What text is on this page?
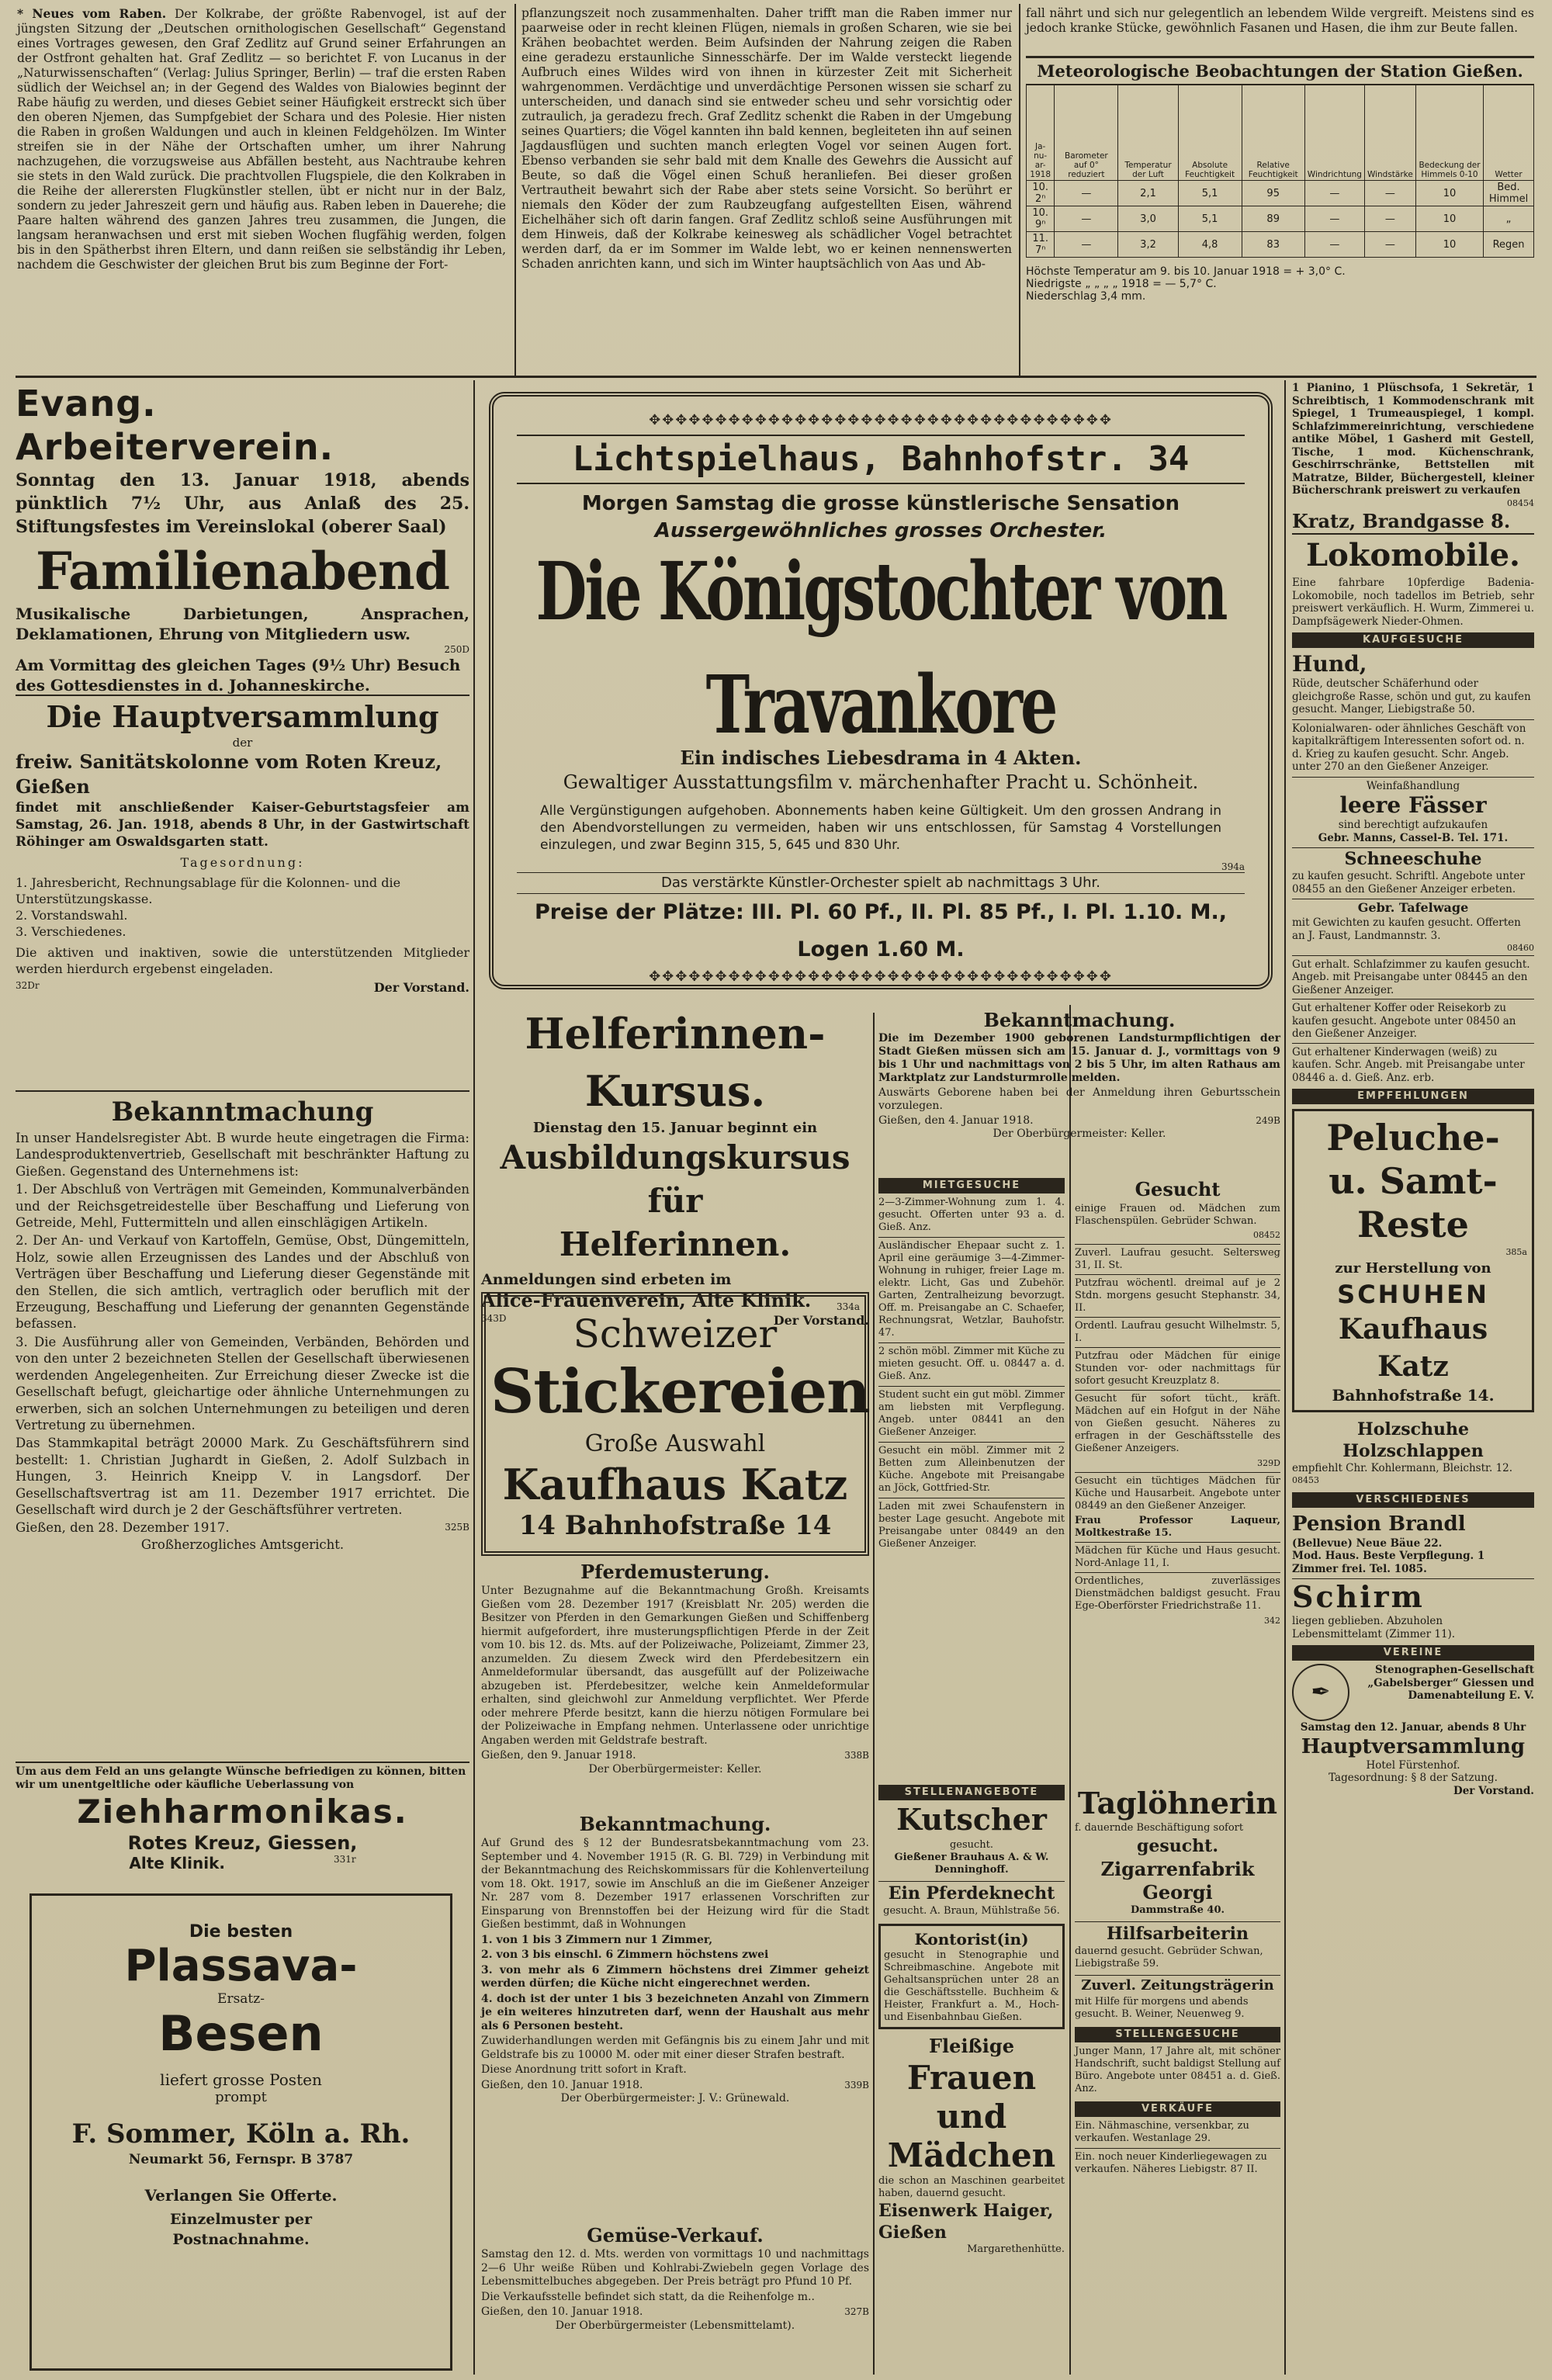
* Neues vom Raben. Der Kolkrabe, der größte Rabenvogel, ist auf der jüngsten Sitzung der „Deutschen ornithologischen Gesellschaft“ Gegenstand eines Vortrages gewesen, den Graf Zedlitz auf Grund seiner Erfahrungen an der Ostfront gehalten hat. Graf Zedlitz — so berichtet F. von Lucanus in der „Naturwissenschaften“ (Verlag: Julius Springer, Berlin) — traf die ersten Raben südlich der Weichsel an; in der Gegend des Waldes von Bialowies beginnt der Rabe häufig zu werden, und dieses Gebiet seiner Häufigkeit erstreckt sich über den oberen Njemen, das Sumpfgebiet der Schara und des Polesie. Hier nisten die Raben in großen Waldungen und auch in kleinen Feldgehölzen. Im Winter streifen sie in der Nähe der Ortschaften umher, um ihrer Nahrung nachzugehen, die vorzugsweise aus Abfällen besteht, aus Nachtraube kehren sie stets in den Wald zurück. Die prachtvollen Flugspiele, die den Kolkraben in die Reihe der allerersten Flugkünstler stellen, übt er nicht nur in der Balz, sondern zu jeder Jahreszeit gern und häufig aus. Raben leben in Dauerehe; die Paare halten während des ganzen Jahres treu zusammen, die Jungen, die langsam heranwachsen und erst mit sieben Wochen flugfähig werden, folgen bis in den Spätherbst ihren Eltern, und dann reißen sie selbständig ihr Leben, nachdem die Geschwister der gleichen Brut bis zum Beginne der Fort-

pflanzungszeit noch zusammenhalten. Daher trifft man die Raben immer nur paarweise oder in recht kleinen Flügen, niemals in großen Scharen, wie sie bei Krähen beobachtet werden. Beim Aufsinden der Nahrung zeigen die Raben eine geradezu erstaunliche Sinnesschärfe. Der im Walde versteckt liegende Aufbruch eines Wildes wird von ihnen in kürzester Zeit mit Sicherheit wahrgenommen. Verdächtige und unverdächtige Personen wissen sie scharf zu unterscheiden, und danach sind sie entweder scheu und sehr vorsichtig oder zutraulich, ja geradezu frech. Graf Zedlitz schenkt die Raben in der Umgebung seines Quartiers; die Vögel kannten ihn bald kennen, begleiteten ihn auf seinen Jagdausflügen und suchten manch erlegten Vogel vor seinen Augen fort. Ebenso verbanden sie sehr bald mit dem Knalle des Gewehrs die Aussicht auf Beute, so daß die Vögel einen Schuß heranliefen. Bei dieser großen Vertrautheit bewahrt sich der Rabe aber stets seine Vorsicht. So berührt er niemals den Köder der zum Raubzeugfang aufgestellten Eisen, während Eichelhäher sich oft darin fangen. Graf Zedlitz schloß seine Ausführungen mit dem Hinweis, daß der Kolkrabe keinesweg als schädlicher Vogel betrachtet werden darf, da er im Sommer im Walde lebt, wo er keinen nennenswerten Schaden anrichten kann, und sich im Winter hauptsächlich von Aas und Ab-

fall nährt und sich nur gelegentlich an lebendem Wilde vergreift. Meistens sind es jedoch kranke Stücke, gewöhnlich Fasanen und Hasen, die ihm zur Beute fallen.

Meteorologische Beobachtungen der Station Gießen.
Ja-
nu-
ar-
1918	Barometer auf 0° reduziert	Temperatur der Luft	Absolute Feuchtigkeit	Relative Feuchtigkeit	Windrichtung	Windstärke	Bedeckung der Himmels 0-10	Wetter
10. 2ⁿ	—	2,1	5,1	95	—	—	10	Bed. Himmel
10. 9ⁿ	—	3,0	5,1	89	—	—	10	„
11. 7ⁿ	—	3,2	4,8	83	—	—	10	Regen
Höchste Temperatur am 9. bis 10. Januar 1918 = + 3,0° C.
Niedrigste „ „ „ „ 1918 = — 5,7° C.
Niederschlag 3,4 mm.
Evang. Arbeiterverein.
Sonntag den 13. Januar 1918, abends pünktlich 7½ Uhr, aus Anlaß des 25. Stiftungsfestes im Vereinslokal (oberer Saal)
Familienabend
Musikalische Darbietungen, Ansprachen, Deklamationen, Ehrung von Mitgliedern usw.
250D
Am Vormittag des gleichen Tages (9½ Uhr) Besuch des Gottesdienstes in d. Johanneskirche.
Die Hauptversammlung
der
freiw. Sanitätskolonne vom Roten Kreuz, Gießen
findet mit anschließender Kaiser-Geburtstagsfeier am Samstag, 26. Jan. 1918, abends 8 Uhr, in der Gastwirtschaft Röhinger am Oswaldsgarten statt.
Tagesordnung:
1. Jahresbericht, Rechnungsablage für die Kolonnen- und die Unterstützungskasse.
2. Vorstandswahl.
3. Verschiedenes.
Die aktiven und inaktiven, sowie die unterstützenden Mitglieder werden hierdurch ergebenst eingeladen.
32Dr	Der Vorstand.
Bekanntmachung

In unser Handelsregister Abt. B wurde heute eingetragen die Firma: Landesproduktenvertrieb, Gesellschaft mit beschränkter Haftung zu Gießen. Gegenstand des Unternehmens ist:

1. Der Abschluß von Verträgen mit Gemeinden, Kommunalverbänden und der Reichsgetreidestelle über Beschaffung und Lieferung von Getreide, Mehl, Futtermitteln und allen einschlägigen Artikeln.

2. Der An- und Verkauf von Kartoffeln, Gemüse, Obst, Düngemitteln, Holz, sowie allen Erzeugnissen des Landes und der Abschluß von Verträgen über Beschaffung und Lieferung dieser Gegenstände mit den Stellen, die sich amtlich, vertraglich oder beruflich mit der Erzeugung, Beschaffung und Lieferung der genannten Gegenstände befassen.

3. Die Ausführung aller von Gemeinden, Verbänden, Behörden und von den unter 2 bezeichneten Stellen der Gesellschaft überwiesenen werdenden Angelegenheiten. Zur Erreichung dieser Zwecke ist die Gesellschaft befugt, gleichartige oder ähnliche Unternehmungen zu erwerben, sich an solchen Unternehmungen zu beteiligen und deren Vertretung zu übernehmen.

Das Stammkapital beträgt 20000 Mark. Zu Geschäftsführern sind bestellt: 1. Christian Jughardt in Gießen, 2. Adolf Sulzbach in Hungen, 3. Heinrich Kneipp V. in Langsdorf. Der Gesellschaftsvertrag ist am 11. Dezember 1917 errichtet. Die Gesellschaft wird durch je 2 der Geschäftsführer vertreten.

Gießen, den 28. Dezember 1917.	325B
Großherzogliches Amtsgericht.
Um aus dem Feld an uns gelangte Wünsche befriedigen zu können, bitten wir um unentgeltliche oder käufliche Ueberlassung von
Ziehharmonikas.
Rotes Kreuz, Giessen,
Alte Klinik.	331r
Die besten
Plassava-
Ersatz-
Besen
liefert grosse Posten
prompt
F. Sommer, Köln a. Rh.
Neumarkt 56, Fernspr. B 3787
Verlangen Sie Offerte.
Einzelmuster per Postnachnahme.
✥✥✥✥✥✥✥✥✥✥✥✥✥✥✥✥✥✥✥✥✥✥✥✥✥✥✥✥✥✥✥✥✥✥✥
Lichtspielhaus, Bahnhofstr. 34
Morgen Samstag die grosse künstlerische Sensation
Aussergewöhnliches grosses Orchester.
Die Königstochter von Travankore
Ein indisches Liebesdrama in 4 Akten.
Gewaltiger Ausstattungsfilm v. märchenhafter Pracht u. Schönheit.
Alle Vergünstigungen aufgehoben. Abonnements haben keine Gültigkeit. Um den grossen Andrang in den Abendvorstellungen zu vermeiden, haben wir uns entschlossen, für Samstag 4 Vorstellungen einzulegen, und zwar Beginn 315, 5, 645 und 830 Uhr.
394a
Das verstärkte Künstler-Orchester spielt ab nachmittags 3 Uhr.
Preise der Plätze: III. Pl. 60 Pf., II. Pl. 85 Pf., I. Pl. 1.10. M., Logen 1.60 M.
✥✥✥✥✥✥✥✥✥✥✥✥✥✥✥✥✥✥✥✥✥✥✥✥✥✥✥✥✥✥✥✥✥✥✥
Helferinnen-Kursus.
Dienstag den 15. Januar beginnt ein
Ausbildungskursus für
Helferinnen.
Anmeldungen sind erbeten im
Alice-Frauenverein, Alte Klinik.
343D	Der Vorstand.
334a
Schweizer
Stickereien
Große Auswahl
Kaufhaus Katz
14 Bahnhofstraße 14
Pferdemusterung.

Unter Bezugnahme auf die Bekanntmachung Großh. Kreisamts Gießen vom 28. Dezember 1917 (Kreisblatt Nr. 205) werden die Besitzer von Pferden in den Gemarkungen Gießen und Schiffenberg hiermit aufgefordert, ihre musterungspflichtigen Pferde in der Zeit vom 10. bis 12. ds. Mts. auf der Polizeiwache, Polizeiamt, Zimmer 23, anzumelden. Zu diesem Zweck wird den Pferdebesitzern ein Anmeldeformular übersandt, das ausgefüllt auf der Polizeiwache abzugeben ist. Pferdebesitzer, welche kein Anmeldeformular erhalten, sind gleichwohl zur Anmeldung verpflichtet. Wer Pferde oder mehrere Pferde besitzt, kann die hierzu nötigen Formulare bei der Polizeiwache in Empfang nehmen. Unterlassene oder unrichtige Angaben werden mit Geldstrafe bestraft.

Gießen, den 9. Januar 1918.	338B
Der Oberbürgermeister: Keller.
Bekanntmachung.

Auf Grund des § 12 der Bundesratsbekanntmachung vom 23. September und 4. November 1915 (R. G. Bl. 729) in Verbindung mit der Bekanntmachung des Reichskommissars für die Kohlenverteilung vom 18. Okt. 1917, sowie im Anschluß an die im Gießener Anzeiger Nr. 287 vom 8. Dezember 1917 erlassenen Vorschriften zur Einsparung von Brennstoffen bei der Heizung wird für die Stadt Gießen bestimmt, daß in Wohnungen

1. von 1 bis 3 Zimmern nur 1 Zimmer,

2. von 3 bis einschl. 6 Zimmern höchstens zwei

3. von mehr als 6 Zimmern höchstens drei Zimmer geheizt werden dürfen; die Küche nicht eingerechnet werden.

4. doch ist der unter 1 bis 3 bezeichneten Anzahl von Zimmern je ein weiteres hinzutreten darf, wenn der Haushalt aus mehr als 6 Personen besteht.

Zuwiderhandlungen werden mit Gefängnis bis zu einem Jahr und mit Geldstrafe bis zu 10000 M. oder mit einer dieser Strafen bestraft.

Diese Anordnung tritt sofort in Kraft.

Gießen, den 10. Januar 1918.	339B
Der Oberbürgermeister: J. V.: Grünewald.
Gemüse-Verkauf.

Samstag den 12. d. Mts. werden von vormittags 10 und nachmittags 2—6 Uhr weiße Rüben und Kohlrabi-Zwiebeln gegen Vorlage des Lebensmittelbuches abgegeben. Der Preis beträgt pro Pfund 10 Pf.

Die Verkaufsstelle befindet sich statt, da die Reihenfolge m..

Gießen, den 10. Januar 1918.	327B
Der Oberbürgermeister (Lebensmittelamt).
Bekanntmachung.

Die im Dezember 1900 geborenen Landsturmpflichtigen der Stadt Gießen müssen sich am 15. Januar d. J., vormittags von 9 bis 1 Uhr und nachmittags von 2 bis 5 Uhr, im alten Rathaus am Marktplatz zur Landsturmrolle melden.

Auswärts Geborene haben bei der Anmeldung ihren Geburtsschein vorzulegen.

Gießen, den 4. Januar 1918.	249B
Der Oberbürgermeister: Keller.
MIETGESUCHE

2—3-Zimmer-Wohnung zum 1. 4. gesucht. Offerten unter 93 a. d. Gieß. Anz.

Ausländischer Ehepaar sucht z. 1. April eine geräumige 3—4-Zimmer-Wohnung in ruhiger, freier Lage m. elektr. Licht, Gas und Zubehör. Garten, Zentralheizung bevorzugt. Off. m. Preisangabe an C. Schaefer, Rechnungsrat, Wetzlar, Bauhofstr. 47.

2 schön möbl. Zimmer mit Küche zu mieten gesucht. Off. u. 08447 a. d. Gieß. Anz.

Student sucht ein gut möbl. Zimmer am liebsten mit Verpflegung. Angeb. unter 08441 an den Gießener Anzeiger.

Gesucht ein möbl. Zimmer mit 2 Betten zum Alleinbenutzen der Küche. Angebote mit Preisangabe an Jöck, Gottfried-Str.

Laden mit zwei Schaufenstern in bester Lage gesucht. Angebote mit Preisangabe unter 08449 an den Gießener Anzeiger.

Gesucht

einige Frauen od. Mädchen zum Flaschenspülen. Gebrüder Schwan.

08452

Zuverl. Laufrau gesucht. Seltersweg 31, II. St.

Putzfrau wöchentl. dreimal auf je 2 Stdn. morgens gesucht Stephanstr. 34, II.

Ordentl. Laufrau gesucht Wilhelmstr. 5, I.

Putzfrau oder Mädchen für einige Stunden vor- oder nachmittags für sofort gesucht Kreuzplatz 8.

Gesucht für sofort tücht., kräft. Mädchen auf ein Hofgut in der Nähe von Gießen gesucht. Näheres zu erfragen in der Geschäftsstelle des Gießener Anzeigers.

329D

Gesucht ein tüchtiges Mädchen für Küche und Hausarbeit. Angebote unter 08449 an den Gießener Anzeiger.

Frau Professor Laqueur, Moltkestraße 15.

Mädchen für Küche und Haus gesucht. Nord-Anlage 11, I.

Ordentliches, zuverlässiges Dienstmädchen baldigst gesucht. Frau Ege-Oberförster Friedrichstraße 11.

342
STELLENANGEBOTE
Kutscher
gesucht.
Gießener Brauhaus A. & W. Denninghoff.
Ein Pferdeknecht
gesucht. A. Braun, Mühlstraße 56.
Kontorist(in)
gesucht in Stenographie und Schreibmaschine. Angebote mit Gehaltsansprüchen unter 28 an die Geschäftsstelle. Buchheim & Heister, Frankfurt a. M., Hoch- und Eisenbahnbau Gießen.
Fleißige
Frauen und Mädchen
die schon an Maschinen gearbeitet haben, dauernd gesucht.
Eisenwerk Haiger, Gießen
Margarethenhütte.
Taglöhnerin
f. dauernde Beschäftigung sofort
gesucht.
Zigarrenfabrik Georgi
Dammstraße 40.
Hilfsarbeiterin
dauernd gesucht. Gebrüder Schwan, Liebigstraße 59.
Zuverl. Zeitungsträgerin
mit Hilfe für morgens und abends gesucht. B. Weiner, Neuenweg 9.
STELLENGESUCHE
Junger Mann, 17 Jahre alt, mit schöner Handschrift, sucht baldigst Stellung auf Büro. Angebote unter 08451 a. d. Gieß. Anz.
VERKÄUFE
Ein. Nähmaschine, versenkbar, zu verkaufen. Westanlage 29.
Ein. noch neuer Kinderliegewagen zu verkaufen. Näheres Liebigstr. 87 II.
1 Pianino, 1 Plüschsofa, 1 Sekretär, 1 Schreibtisch, 1 Kommodenschrank mit Spiegel, 1 Trumeauspiegel, 1 kompl. Schlafzimmereinrichtung, verschiedene antike Möbel, 1 Gasherd mit Gestell, Tische, 1 mod. Küchenschrank, Geschirrschränke, Bettstellen mit Matratze, Bilder, Büchergestell, kleiner Bücherschrank preiswert zu verkaufen
08454
Kratz, Brandgasse 8.
Lokomobile.
Eine fahrbare 10pferdige Badenia-Lokomobile, noch tadellos im Betrieb, sehr preiswert verkäuflich. H. Wurm, Zimmerei u. Dampfsägewerk Nieder-Ohmen.
KAUFGESUCHE
Hund,
Rüde, deutscher Schäferhund oder gleichgroße Rasse, schön und gut, zu kaufen gesucht. Manger, Liebigstraße 50.
Kolonialwaren- oder ähnliches Geschäft von kapitalkräftigem Interessenten sofort od. n. d. Krieg zu kaufen gesucht. Schr. Angeb. unter 270 an den Gießener Anzeiger.
Weinfaßhandlung
leere Fässer
sind berechtigt aufzukaufen
Gebr. Manns, Cassel-B. Tel. 171.
Schneeschuhe
zu kaufen gesucht. Schriftl. Angebote unter 08455 an den Gießener Anzeiger erbeten.
Gebr. Tafelwage
mit Gewichten zu kaufen gesucht. Offerten an J. Faust, Landmannstr. 3.
08460
Gut erhalt. Schlafzimmer zu kaufen gesucht. Angeb. mit Preisangabe unter 08445 an den Gießener Anzeiger.
Gut erhaltener Koffer oder Reisekorb zu kaufen gesucht. Angebote unter 08450 an den Gießener Anzeiger.
Gut erhaltener Kinderwagen (weiß) zu kaufen. Schr. Angeb. mit Preisangabe unter 08446 a. d. Gieß. Anz. erb.
EMPFEHLUNGEN
Peluche-
u. Samt-
Reste
385a
zur Herstellung von
SCHUHEN
Kaufhaus Katz
Bahnhofstraße 14.
Holzschuhe
Holzschlappen
empfiehlt Chr. Kohlermann, Bleichstr. 12.
08453
VERSCHIEDENES
Pension Brandl
(Bellevue) Neue Bäue 22.
Mod. Haus. Beste Verpflegung. 1 Zimmer frei. Tel. 1085.
Schirm
liegen geblieben. Abzuholen Lebensmittelamt (Zimmer 11).
VEREINE
✒
Stenographen-Gesellschaft „Gabelsberger“ Giessen und Damenabteilung E. V.
Samstag den 12. Januar, abends 8 Uhr
Hauptversammlung
Hotel Fürstenhof.
Tagesordnung: § 8 der Satzung.
Der Vorstand.
